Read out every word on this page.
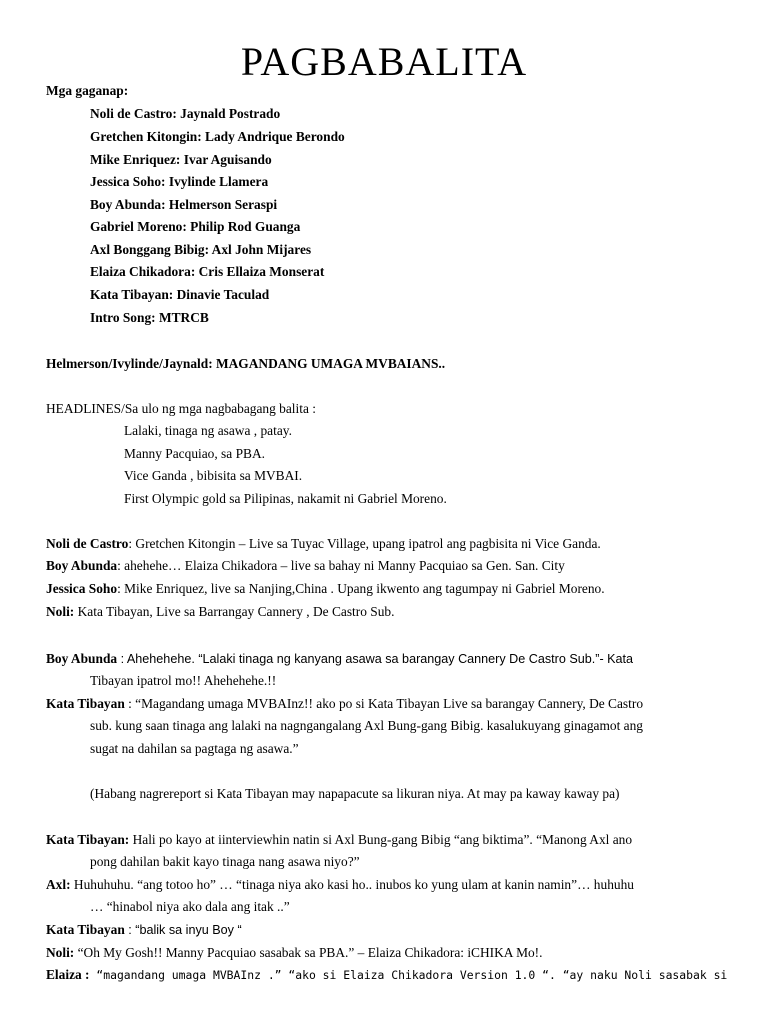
PAGBABALITA
Mga gaganap:
Noli de Castro: Jaynald Postrado
Gretchen Kitongin: Lady Andrique Berondo
Mike Enriquez: Ivar Aguisando
Jessica Soho: Ivylinde Llamera
Boy Abunda: Helmerson Seraspi
Gabriel Moreno: Philip Rod Guanga
Axl Bonggang Bibig: Axl John Mijares
Elaiza Chikadora: Cris Ellaiza Monserat
Kata Tibayan: Dinavie Taculad
Intro Song: MTRCB
Helmerson/Ivylinde/Jaynald: MAGANDANG UMAGA MVBAIANS..
HEADLINES/Sa ulo ng mga nagbabagang balita :
Lalaki, tinaga ng asawa , patay.
Manny Pacquiao, sa PBA.
Vice Ganda , bibisita sa MVBAI.
First Olympic gold sa Pilipinas, nakamit ni Gabriel Moreno.
Noli de Castro: Gretchen Kitongin – Live sa Tuyac Village, upang ipatrol ang pagbisita ni Vice Ganda.
Boy Abunda: ahehehe… Elaiza Chikadora – live sa bahay ni Manny Pacquiao sa Gen. San. City
Jessica Soho: Mike Enriquez, live sa Nanjing,China . Upang ikwento ang tagumpay ni Gabriel Moreno.
Noli: Kata Tibayan, Live sa Barrangay Cannery , De Castro Sub.
Boy Abunda : Ahehehehe. “Lalaki tinaga ng kanyang asawa sa barangay Cannery De Castro Sub.”- Kata
Tibayan ipatrol mo!! Ahehehehe.!!
Kata Tibayan : “Magandang umaga MVBAInz!! ako po si Kata Tibayan Live sa barangay Cannery, De Castro
sub. kung saan tinaga ang lalaki na nagngangalang Axl Bung-gang Bibig. kasalukuyang ginagamot ang
sugat na dahilan sa pagtaga ng asawa.”
(Habang nagrereport si Kata Tibayan may napapacute sa likuran niya. At may pa kaway kaway pa)
Kata Tibayan: Hali po kayo at iinterviewhin natin si Axl Bung-gang Bibig “ang biktima”. “Manong Axl ano
pong dahilan bakit kayo tinaga nang asawa niyo?”
Axl: Huhuhuhu. “ang totoo ho” … “tinaga niya ako kasi ho.. inubos ko yung ulam at kanin namin”… huhuhu
… “hinabol niya ako dala ang itak ..”
Kata Tibayan : “balik sa inyu Boy “
Noli: “Oh My Gosh!! Manny Pacquiao sasabak sa PBA.” – Elaiza Chikadora: iCHIKA Mo!.
Elaiza : “magandang umaga MVBAInz .” “ako si Elaiza Chikadora Version 1.0 “. “ay naku Noli sasabak si
